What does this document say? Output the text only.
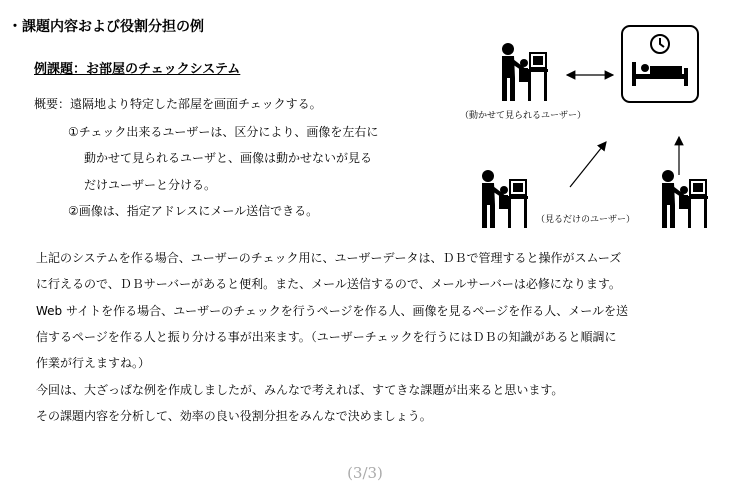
・課題内容および役割分担の例
例課題：お部屋のチェックシステム
概要：遠隔地より特定した部屋を画面チェックする。
①チェック出来るユーザーは、区分により、画像を左右に
動かせて見られるユーザと、画像は動かせないが見る
だけユーザーと分ける。
②画像は、指定アドレスにメール送信できる。
（動かせて見られるユーザー）
（見るだけのユーザー）
上記のシステムを作る場合、ユーザーのチェック用に、ユーザーデータは、ＤＢで管理すると操作がスムーズ
に行えるので、ＤＢサーバーがあると便利。また、メール送信するので、メールサーバーは必修になります。
Web サイトを作る場合、ユーザーのチェックを行うページを作る人、画像を見るページを作る人、メールを送
信するページを作る人と振り分ける事が出来ます。（ユーザーチェックを行うにはＤＢの知識があると順調に
作業が行えますね。）
今回は、大ざっぱな例を作成しましたが、みんなで考えれば、すてきな課題が出来ると思います。
その課題内容を分析して、効率の良い役割分担をみんなで決めましょう。
(3/3)
